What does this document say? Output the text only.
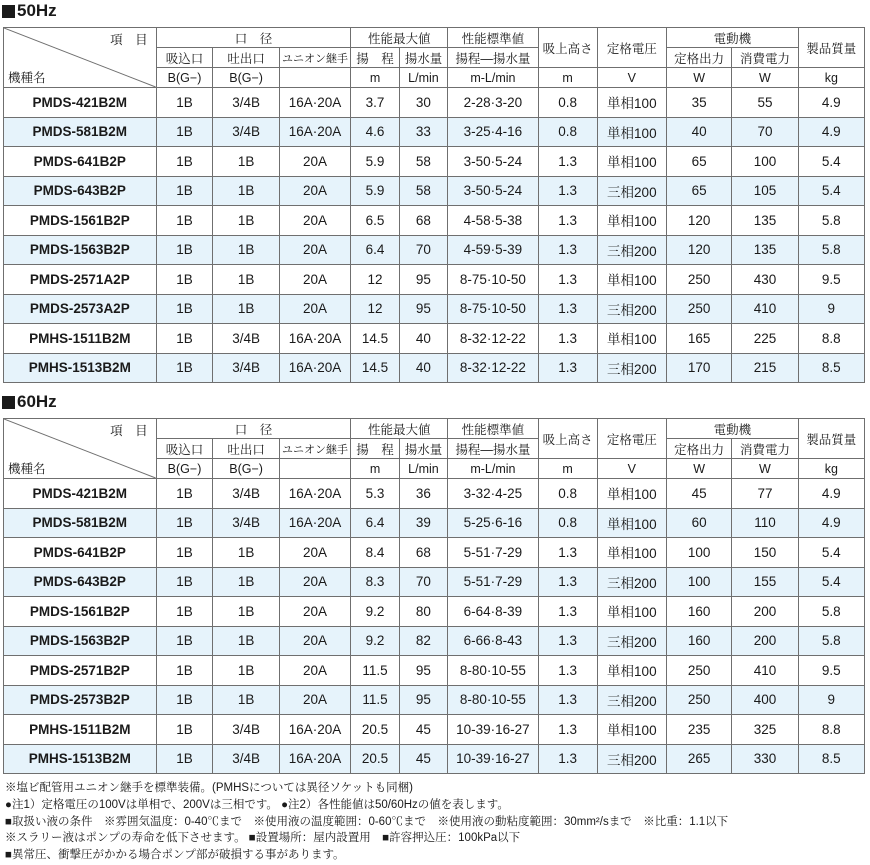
50Hz
項　目
機種名	口　径			性能最大値		性能標準値	吸上高さ	定格電圧	電動機		製品質量
	吸込口	吐出口	ユニオン継手	揚　程	揚水量	揚程—揚水量			定格出力	消費電力	
	B(G−)	B(G−)		m	L/min	m-L/min	m	V	W	W	kg
PMDS-421B2M	1B	3/4B	16A·20A	3.7	30	2-28·3-20	0.8	単相100	35	55	4.9
PMDS-581B2M	1B	3/4B	16A·20A	4.6	33	3-25·4-16	0.8	単相100	40	70	4.9
PMDS-641B2P	1B	1B	20A	5.9	58	3-50·5-24	1.3	単相100	65	100	5.4
PMDS-643B2P	1B	1B	20A	5.9	58	3-50·5-24	1.3	三相200	65	105	5.4
PMDS-1561B2P	1B	1B	20A	6.5	68	4-58·5-38	1.3	単相100	120	135	5.8
PMDS-1563B2P	1B	1B	20A	6.4	70	4-59·5-39	1.3	三相200	120	135	5.8
PMDS-2571A2P	1B	1B	20A	12	95	8-75·10-50	1.3	単相100	250	430	9.5
PMDS-2573A2P	1B	1B	20A	12	95	8-75·10-50	1.3	三相200	250	410	9
PMHS-1511B2M	1B	3/4B	16A·20A	14.5	40	8-32·12-22	1.3	単相100	165	225	8.8
PMHS-1513B2M	1B	3/4B	16A·20A	14.5	40	8-32·12-22	1.3	三相200	170	215	8.5
60Hz
項　目
機種名	口　径			性能最大値		性能標準値	吸上高さ	定格電圧	電動機		製品質量
	吸込口	吐出口	ユニオン継手	揚　程	揚水量	揚程—揚水量			定格出力	消費電力	
	B(G−)	B(G−)		m	L/min	m-L/min	m	V	W	W	kg
PMDS-421B2M	1B	3/4B	16A·20A	5.3	36	3-32·4-25	0.8	単相100	45	77	4.9
PMDS-581B2M	1B	3/4B	16A·20A	6.4	39	5-25·6-16	0.8	単相100	60	110	4.9
PMDS-641B2P	1B	1B	20A	8.4	68	5-51·7-29	1.3	単相100	100	150	5.4
PMDS-643B2P	1B	1B	20A	8.3	70	5-51·7-29	1.3	三相200	100	155	5.4
PMDS-1561B2P	1B	1B	20A	9.2	80	6-64·8-39	1.3	単相100	160	200	5.8
PMDS-1563B2P	1B	1B	20A	9.2	82	6-66·8-43	1.3	三相200	160	200	5.8
PMDS-2571B2P	1B	1B	20A	11.5	95	8-80·10-55	1.3	単相100	250	410	9.5
PMDS-2573B2P	1B	1B	20A	11.5	95	8-80·10-55	1.3	三相200	250	400	9
PMHS-1511B2M	1B	3/4B	16A·20A	20.5	45	10-39·16-27	1.3	単相100	235	325	8.8
PMHS-1513B2M	1B	3/4B	16A·20A	20.5	45	10-39·16-27	1.3	三相200	265	330	8.5
※塩ビ配管用ユニオン継手を標準装備。(PMHSについては異径ソケットも同梱)
●注1）定格電圧の100Vは単相で、200Vは三相です。 ●注2）各性能値は50/60Hzの値を表します。
■取扱い液の条件　※雰囲気温度：0-40℃まで　※使用液の温度範囲：0-60℃まで　※使用液の動粘度範囲：30mm²/sまで　※比重：1.1以下
※スラリー液はポンプの寿命を低下させます。 ■設置場所：屋内設置用　■許容押込圧：100kPa以下
■異常圧、衝撃圧がかかる場合ポンプ部が破損する事があります。
